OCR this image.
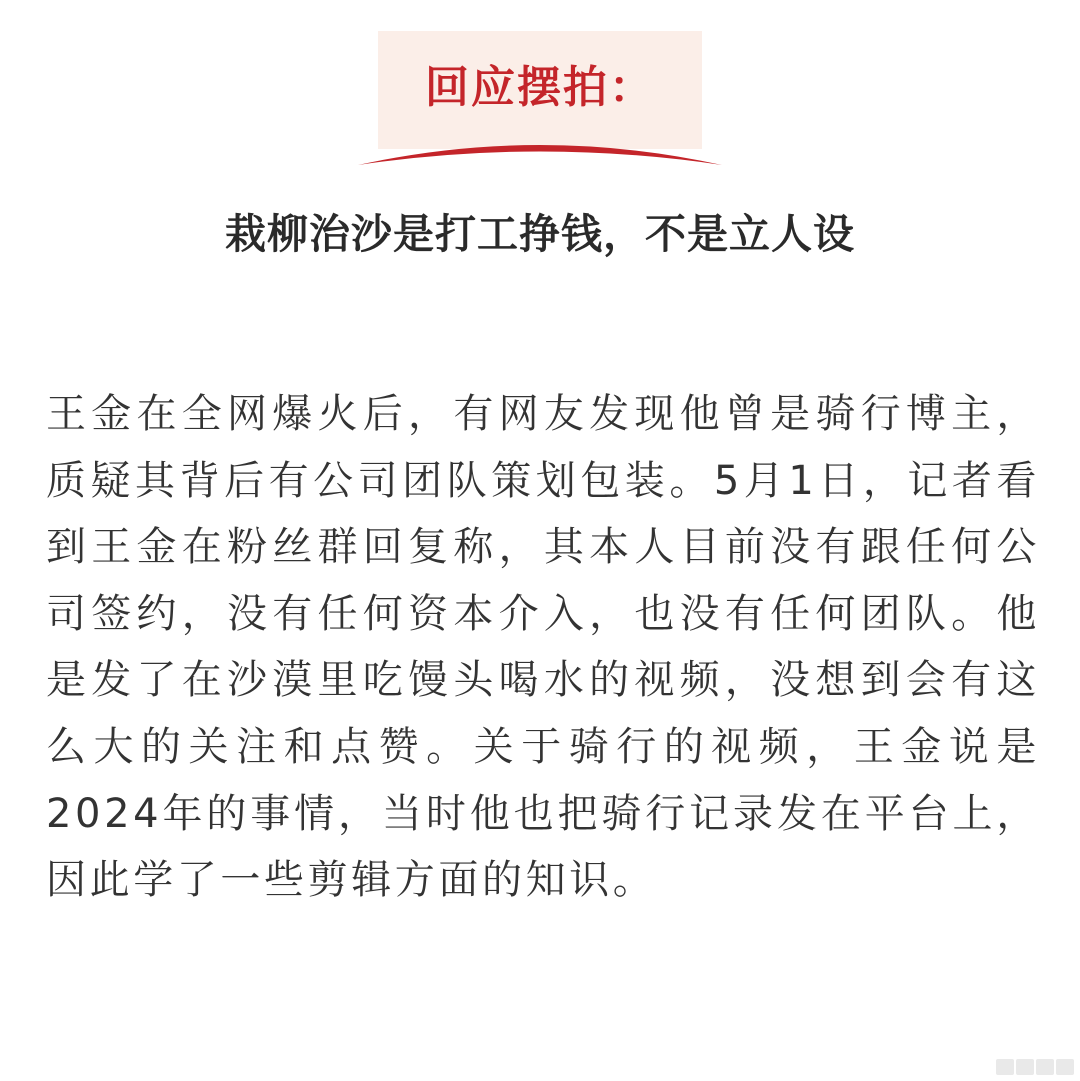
回应摆拍：
栽柳治沙是打工挣钱，不是立人设

王金在全网爆火后，有网友发现他曾是骑行博主，质疑其背后有公司团队策划包装。5月1日，记者看到王金在粉丝群回复称，其本人目前没有跟任何公司签约，没有任何资本介入，也没有任何团队。他是发了在沙漠里吃馒头喝水的视频，没想到会有这么大的关注和点赞。关于骑行的视频，王金说是2024年的事情，当时他也把骑行记录发在平台上，因此学了一些剪辑方面的知识。
